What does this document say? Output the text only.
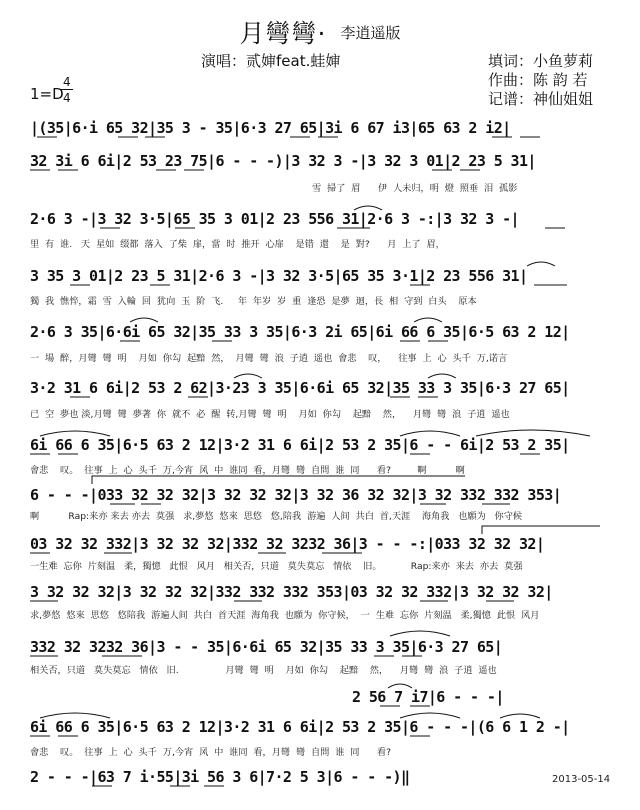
月彎彎· 李逍遥版
演唱：贰婶feat.蛙婶	填词：小鱼萝莉
作曲：陈 韵 若
记谱：神仙姐姐
1=D
4
4
|(35|6·i 65 32|35 3 - 35|6·3 27 65|3i 6 67 i3|65 63 2 i2|
32 3i 6 6i|2 53 23 75|6 - - -)|3 32 3 -|3 32 3 01|2 23 5 31|
雪  掃了  眉      伊  人未归，明  燈  照垂  泪  孤影
2·6 3 -|3 32 3·5|65 35 3 01|2 23 556 31|2·6 3 -:|3 32 3 -|
里  有  谁.   天  星如  缀都  落入  了柴  扉，當  时  推开  心扉    是错  還    是  對?      月  上了  眉，
3 35 3 01|2 23 5 31|2·6 3 -|3 32 3·5|65 35 3·1|2 23 556 31|
獨  我  憔悴，霜  雪  入輪  回  犹向  玉  阶  飞.     年  年岁  岁  重  逢恐  是夢  迴，長  相  守到  白头    原本
2·6 3 35|6·6i 65 32|35 33 3 35|6·3 2i 65|6i 66 6 35|6·5 63 2 12|
一  場  醉，月彎  彎  明    月如  你勾  起黯  然，  月彎  彎  浪  子逍  遥也  會悲    叹，    往事  上  心  头千  万,诺言
3·2 31 6 6i|2 53 2 62|3·23 3 35|6·6i 65 32|35 33 3 35|6·3 27 65|
已  空  夢也 淡,月彎  彎  夢著  你  就不  必  醒  转,月彎  彎  明    月如  你勾    起黯    然，    月彎  彎  浪  子逍  遥也
6i 66 6 35|6·5 63 2 12|3·2 31 6 6i|2 53 2 35|6 - - 6i|2 53 2 35|
會悲    叹。  往事  上  心  头千  万,今宵  风  中  谁同  看，月彎  彎  自問  谁  同      看?         啊          啊
6 - - -|033 32 32 32|3 32 32 32|3 32 36 32 32|3 32 332 332 353|
啊          Rap:来亦 来去 亦去  莫强   求,夢悠  悠來  思悠   悠,陪我  游遍  人间  共白  首,天涯    海角我   也願为   你守候
03 32 32 332|3 32 32 32|332 32 3232 36|3 - - -:|033 32 32 32|
一生难  忘你  片刻温   柔，獨憶   此恨   风月   相关否，只道   莫失莫忘   情依    旧。          Rap:来亦  来去  亦去  莫强
3 32 32 32|3 32 32 32|332 332 332 353|03 32 32 332|3 32 32 32|
求,夢悠  悠來  思悠   悠陪我  游遍人间  共白  首天涯  海角我  也願为  你守候，  一  生难  忘你  片刻温   柔,獨憶  此恨  风月
332 32 3232 36|3 - - 35|6·6i 65 32|35 33 3 35|6·3 27 65|
相关否，只道   莫失莫忘   情依   旧.                月彎  彎  明    月如  你勾    起黯    然，    月彎  彎  浪  子逍  遥也
2 56 7 i7|6 - - -|
6i 66 6 35|6·5 63 2 12|3·2 31 6 6i|2 53 2 35|6 - - -|(6 6 1 2 -|
會悲    叹。  往事  上  心  头千  万,今宵  风  中  谁同  看，月彎  彎  自問  谁  同      看?
2 - - -|63 7 i·55|3i 56 3 6|7·2 5 3|6 - - -)‖	2013-05-14
